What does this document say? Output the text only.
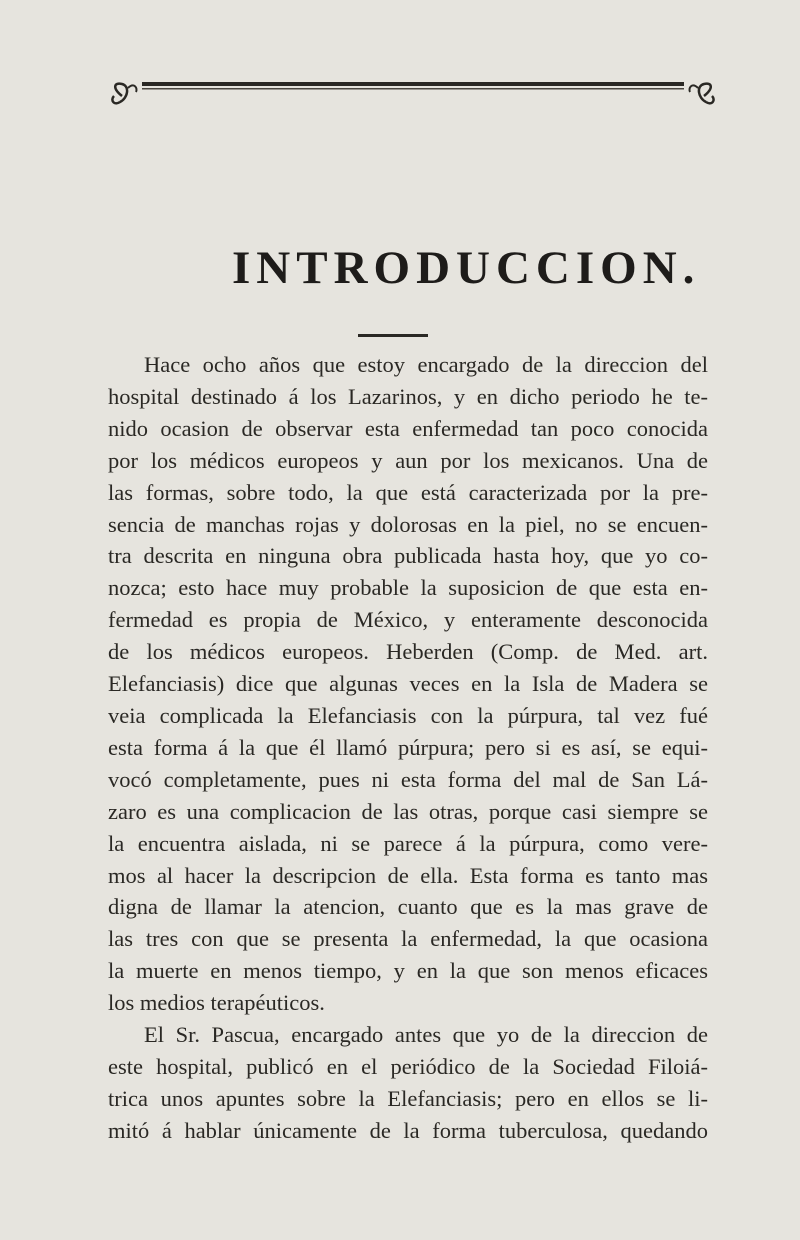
INTRODUCCION.
Hace ocho años que estoy encargado de la direccion del
hospital destinado á los Lazarinos, y en dicho periodo he te-
nido ocasion de observar esta enfermedad tan poco conocida
por los médicos europeos y aun por los mexicanos. Una de
las formas, sobre todo, la que está caracterizada por la pre-
sencia de manchas rojas y dolorosas en la piel, no se encuen-
tra descrita en ninguna obra publicada hasta hoy, que yo co-
nozca; esto hace muy probable la suposicion de que esta en-
fermedad es propia de México, y enteramente desconocida
de los médicos europeos. Heberden (Comp. de Med. art.
Elefanciasis) dice que algunas veces en la Isla de Madera se
veia complicada la Elefanciasis con la púrpura, tal vez fué
esta forma á la que él llamó púrpura; pero si es así, se equi-
vocó completamente, pues ni esta forma del mal de San Lá-
zaro es una complicacion de las otras, porque casi siempre se
la encuentra aislada, ni se parece á la púrpura, como vere-
mos al hacer la descripcion de ella. Esta forma es tanto mas
digna de llamar la atencion, cuanto que es la mas grave de
las tres con que se presenta la enfermedad, la que ocasiona
la muerte en menos tiempo, y en la que son menos eficaces
los medios terapéuticos.
El Sr. Pascua, encargado antes que yo de la direccion de
este hospital, publicó en el periódico de la Sociedad Filoiá-
trica unos apuntes sobre la Elefanciasis; pero en ellos se li-
mitó á hablar únicamente de la forma tuberculosa, quedando
